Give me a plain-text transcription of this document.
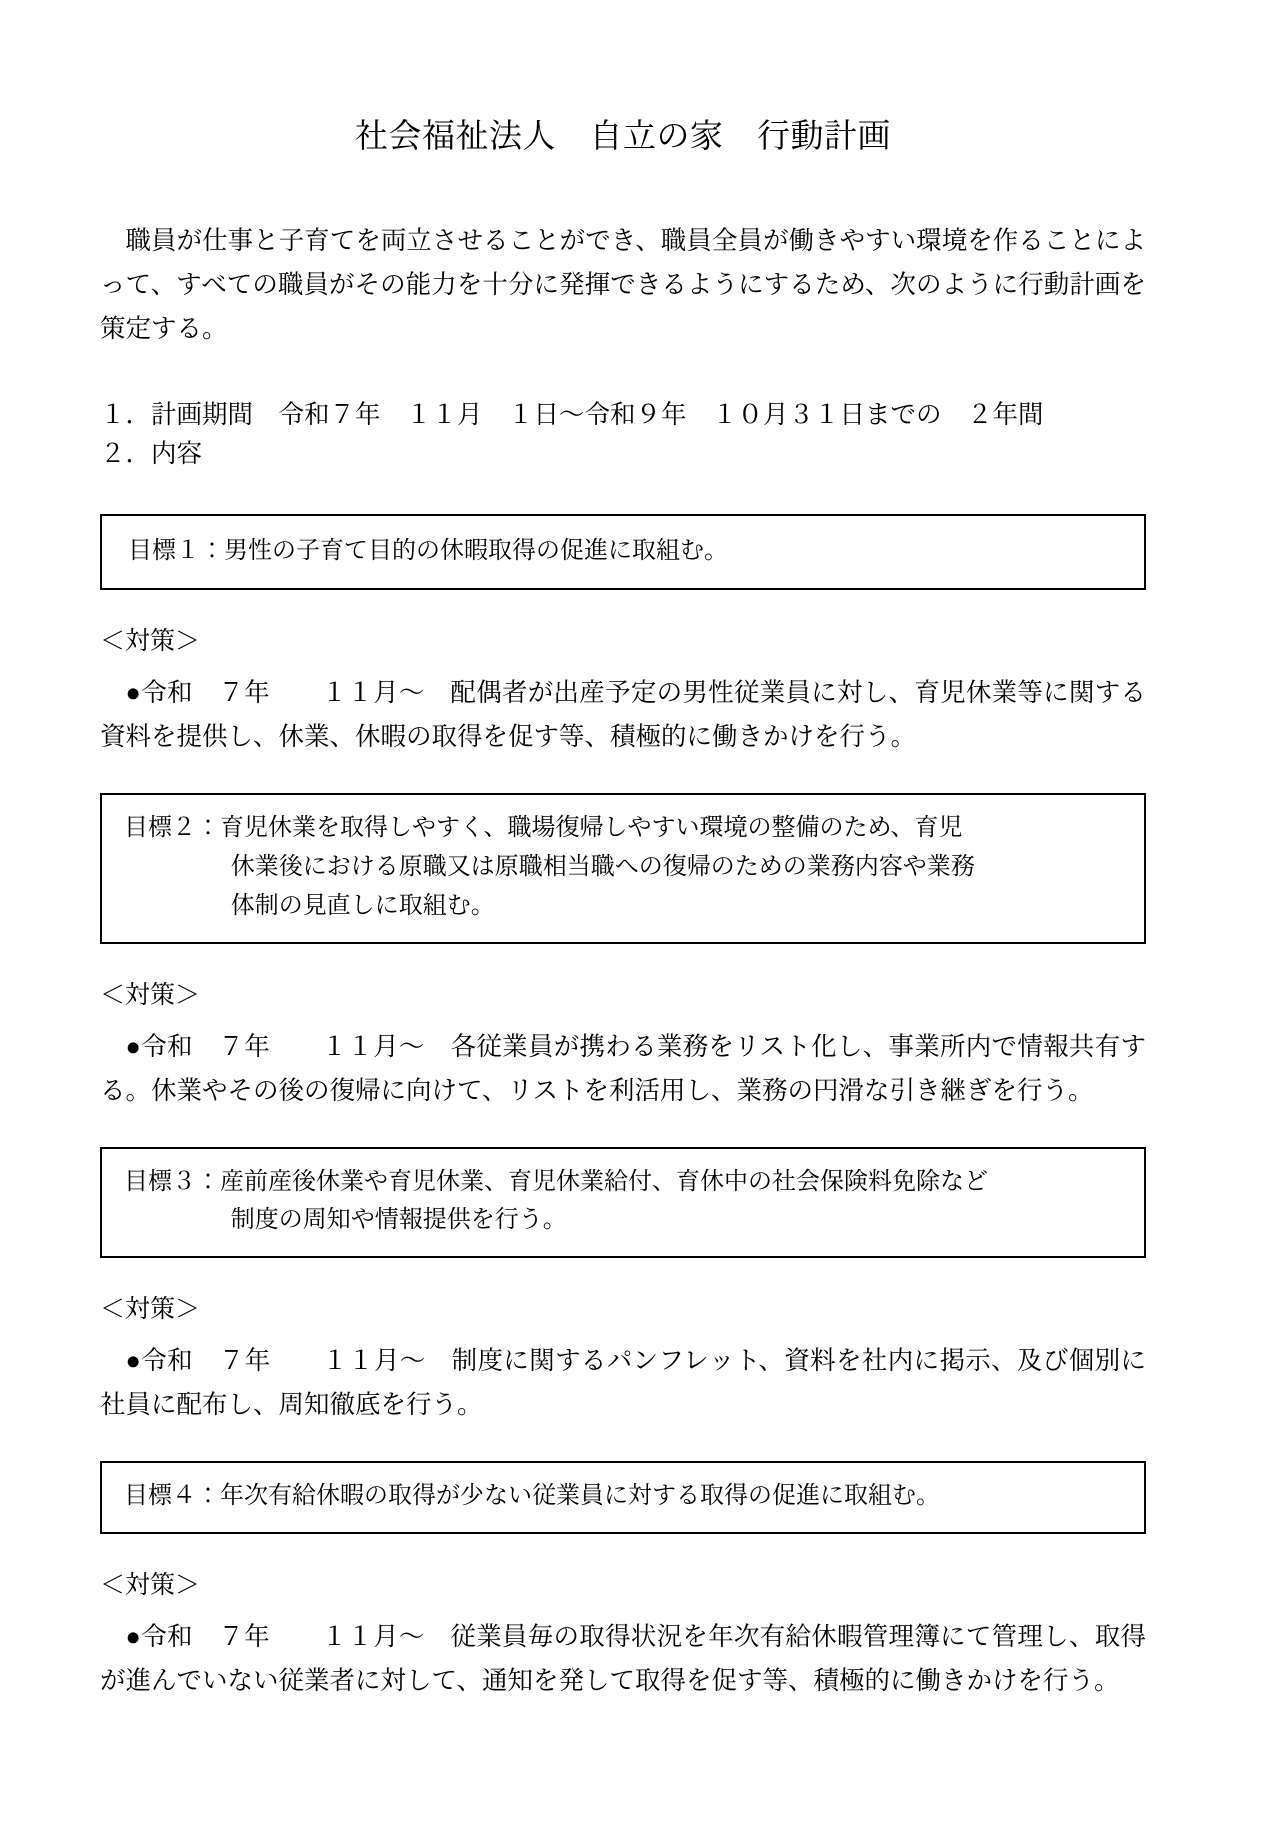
社会福祉法人　自立の家　行動計画

職員が仕事と子育てを両立させることができ、職員全員が働きやすい環境を作ることによって、すべての職員がその能力を十分に発揮できるようにするため、次のように行動計画を策定する。

１．計画期間　令和７年　１１月　１日～令和９年　１０月３１日までの　２年間

２．内容

目標１：男性の子育て目的の休暇取得の促進に取組む。

＜対策＞

●令和　７年　　１１月～　配偶者が出産予定の男性従業員に対し、育児休業等に関する資料を提供し、休業、休暇の取得を促す等、積極的に働きかけを行う。

目標２：育児休業を取得しやすく、職場復帰しやすい環境の整備のため、育児

休業後における原職又は原職相当職への復帰のための業務内容や業務

体制の見直しに取組む。

＜対策＞

●令和　７年　　１１月～　各従業員が携わる業務をリスト化し、事業所内で情報共有する。休業やその後の復帰に向けて、リストを利活用し、業務の円滑な引き継ぎを行う。

目標３：産前産後休業や育児休業、育児休業給付、育休中の社会保険料免除など

制度の周知や情報提供を行う。

＜対策＞

●令和　７年　　１１月～　制度に関するパンフレット、資料を社内に掲示、及び個別に社員に配布し、周知徹底を行う。

目標４：年次有給休暇の取得が少ない従業員に対する取得の促進に取組む。

＜対策＞

●令和　７年　　１１月～　従業員毎の取得状況を年次有給休暇管理簿にて管理し、取得が進んでいない従業者に対して、通知を発して取得を促す等、積極的に働きかけを行う。
